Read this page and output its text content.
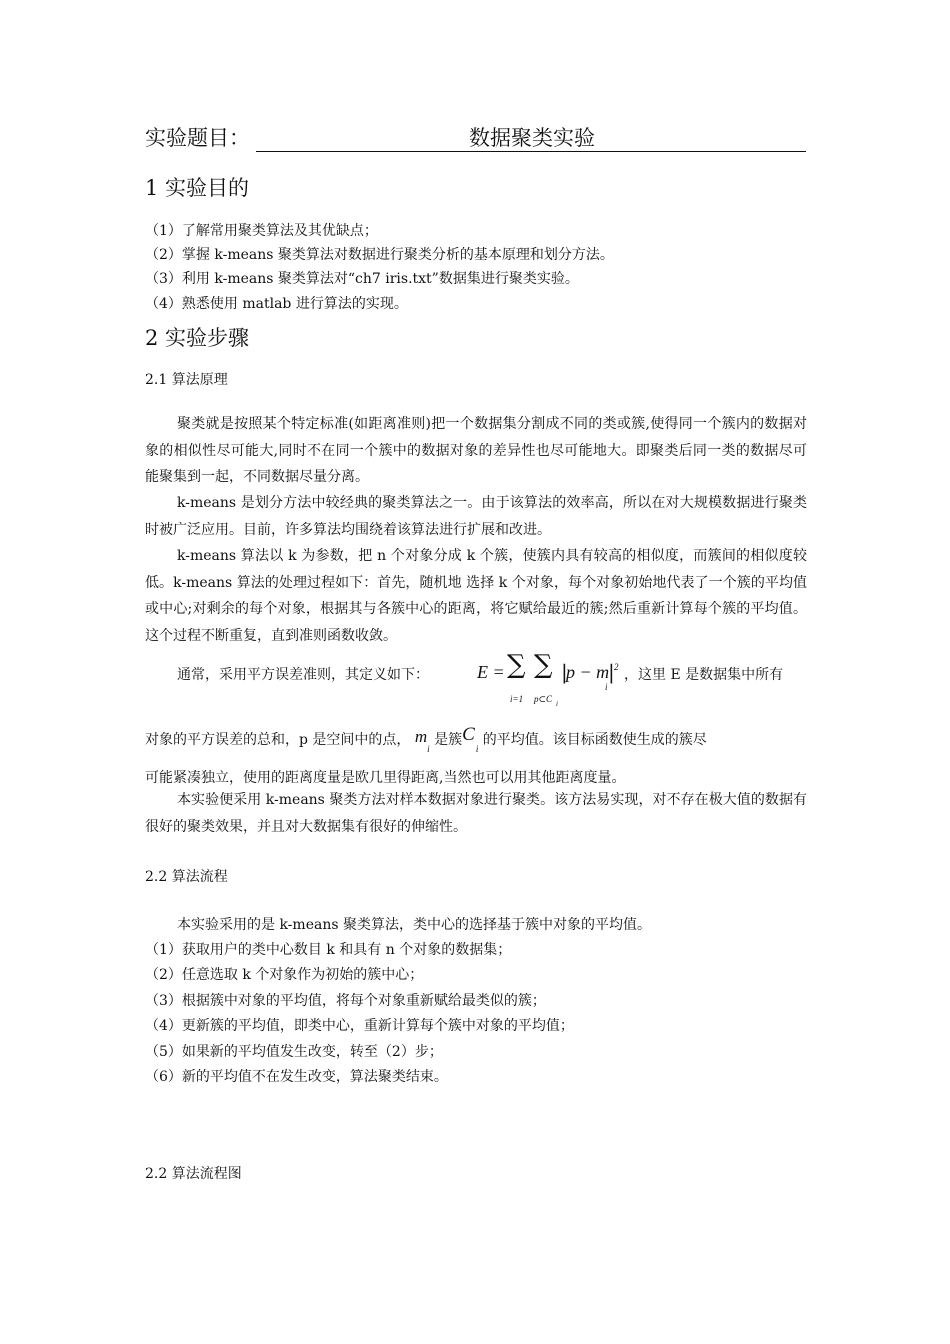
实验题目：	数据聚类实验
1 实验目的
（1）了解常用聚类算法及其优缺点；
（2）掌握 k-means 聚类算法对数据进行聚类分析的基本原理和划分方法。
（3）利用 k-means 聚类算法对“ch7 iris.txt”数据集进行聚类实验。
（4）熟悉使用 matlab 进行算法的实现。
2 实验步骤
2.1 算法原理
聚类就是按照某个特定标准(如距离准则)把一个数据集分割成不同的类或簇,使得同一个簇内的数据对象的相似性尽可能大,同时不在同一个簇中的数据对象的差异性也尽可能地大。即聚类后同一类的数据尽可能聚集到一起，不同数据尽量分离。
k-means 是划分方法中较经典的聚类算法之一。由于该算法的效率高，所以在对大规模数据进行聚类时被广泛应用。目前，许多算法均围绕着该算法进行扩展和改进。
k-means 算法以 k 为参数，把 n 个对象分成 k 个簇，使簇内具有较高的相似度，而簇间的相似度较低。k-means 算法的处理过程如下：首先，随机地 选择 k 个对象，每个对象初始地代表了一个簇的平均值或中心;对剩余的每个对象，根据其与各簇中心的距离，将它赋给最近的簇;然后重新计算每个簇的平均值。 这个过程不断重复，直到准则函数收敛。
通常，采用平方误差准则，其定义如下：	E = ∑ ∑
i=1 p⊂C i
|
p − m
i
| 2 ，这里 E 是数据集中所有
对象的平方误差的总和，p 是空间中的点， $m_i$ 是簇$C_i$ 的平均值。该目标函数使生成的簇尽
可能紧凑独立，使用的距离度量是欧几里得距离,当然也可以用其他距离度量。
本实验便采用 k-means 聚类方法对样本数据对象进行聚类。该方法易实现，对不存在极大值的数据有很好的聚类效果，并且对大数据集有很好的伸缩性。
2.2 算法流程
本实验采用的是 k-means 聚类算法，类中心的选择基于簇中对象的平均值。
（1）获取用户的类中心数目 k 和具有 n 个对象的数据集；
（2）任意选取 k 个对象作为初始的簇中心；
（3）根据簇中对象的平均值，将每个对象重新赋给最类似的簇；
（4）更新簇的平均值，即类中心，重新计算每个簇中对象的平均值；
（5）如果新的平均值发生改变，转至（2）步；
（6）新的平均值不在发生改变，算法聚类结束。
2.2 算法流程图
